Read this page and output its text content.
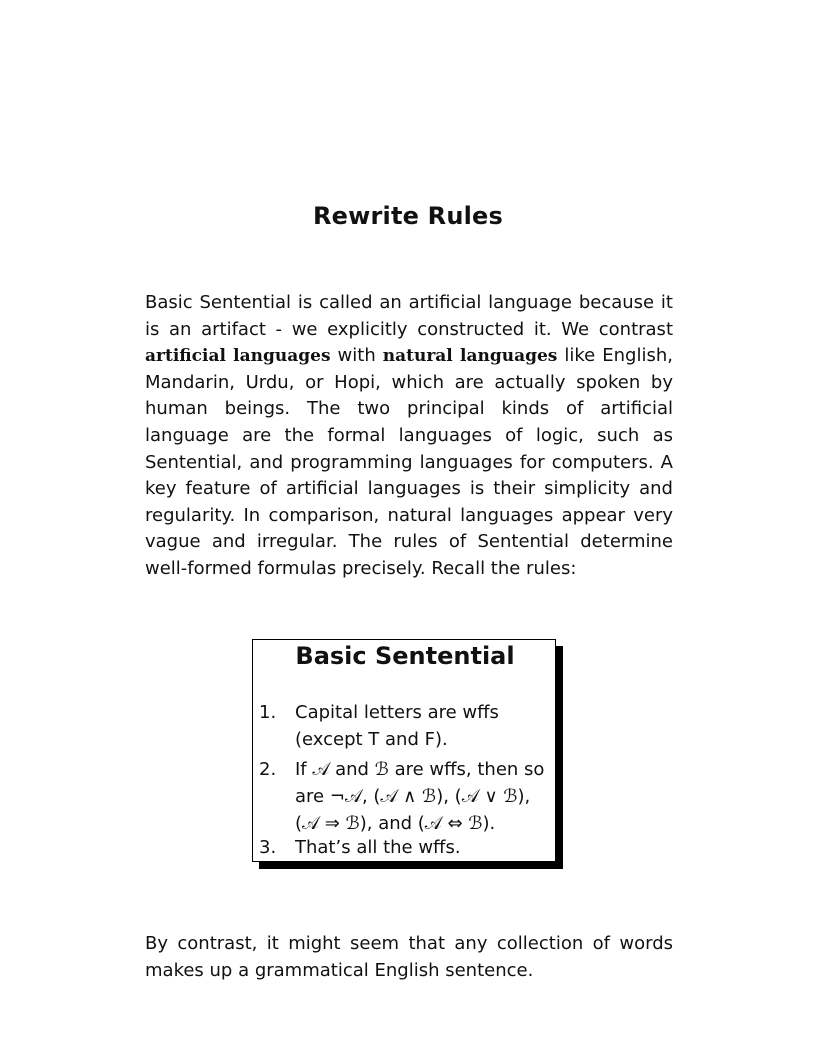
Rewrite Rules

Basic Sentential is called an artificial language because it is an artifact - we explicitly constructed it. We contrast artificial languages with natural languages like English, Mandarin, Urdu, or Hopi, which are actually spoken by human beings. The two principal kinds of artificial language are the formal languages of logic, such as Sentential, and programming languages for computers. A key feature of artificial languages is their simplicity and regularity. In comparison, natural languages appear very vague and irregular. The rules of Sentential determine well-formed formulas precisely. Recall the rules:

Basic Sentential
1. Capital letters are wffs
(except T and F).
2. If 𝒜 and ℬ are wffs, then so
are ¬𝒜, (𝒜 ∧ ℬ), (𝒜 ∨ ℬ),
(𝒜 ⇒ ℬ), and (𝒜 ⇔ ℬ).
3. That’s all the wffs.

By contrast, it might seem that any collection of words makes up a grammatical English sentence.
